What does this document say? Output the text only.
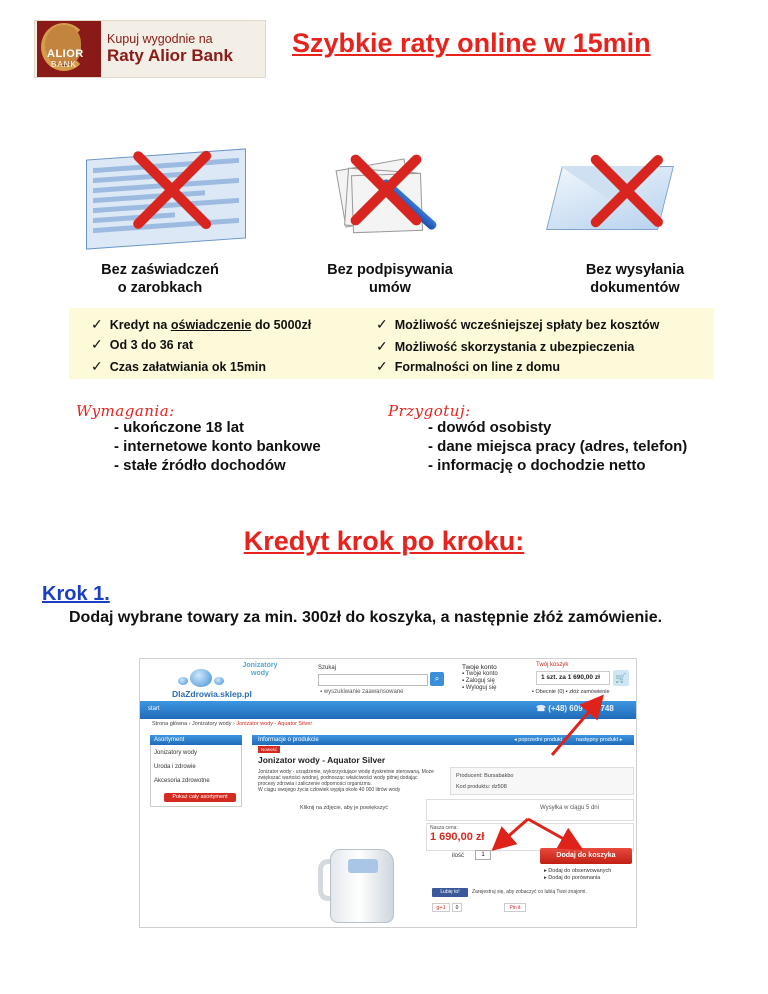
ALIOR
BANK
Kupuj wygodnie na
Raty Alior Bank Szybkie raty online w 15min
Bez zaświadczeń
o zarobkach
Bez podpisywania
umów
Bez wysyłania
dokumentów
✓ Kredyt na oświadczenie do 5000zł
✓ Od 3 do 36 rat
✓ Czas załatwiania ok 15min
✓ Możliwość wcześniejszej spłaty bez kosztów
✓ Możliwość skorzystania z ubezpieczenia
✓ Formalności on line z domu
Wymagania:
- ukończone 18 lat
- internetowe konto bankowe
- stałe źródło dochodów
Przygotuj:
- dowód osobisty
- dane miejsca pracy (adres, telefon)
- informację o dochodzie netto
Kredyt krok po kroku:
Krok 1.
Dodaj wybrane towary za min. 300zł do koszyka, a następnie złóż zamówienie.
DlaZdrowia.sklep.pl
Jonizatory wody
Szukaj
⌕
▪ wyszukiwanie zaawansowane
Twoje konto
▪ Twoje konto
▪ Zaloguj się
▪ Wyloguj się
Twój koszyk
1 szt. za 1 690,00 zł	🛒
▪ Obecnie (0) ▪ złóż zamówienie
start	☎ (+48) 609 502 748
Strona główna › Jonizatory wody › Jonizator wody - Aquator Silver
Asortyment
Jonizatory wody
Uroda i zdrowie
Akcesoria zdrowotne
Pokaż cały asortyment
Informacje o produkcie	◂ poprzedni produkt następny produkt ▸
Nowość
Jonizator wody - Aquator Silver
Jonizator wody - urządzenie, wykorzystujące wodę dyskretnie sterowaną. Może
zwiększać wartości wodnej, podnosząc właściwości wody pitnej dodając
procesy zdrowia i zaliczenie odporności organizmu.
W ciągu swojego życia człowiek wypija około 40 000 litrów wody
Kliknij na zdjęcie, aby je powiększyć
Producent: Bursabakbo
Kod produktu: dz508
Wysyłka w ciągu 5 dni
Nasza cena:
1 690,00 zł
ilość	1	Dodaj do koszyka
▸ Dodaj do obserwowanych
▸ Dodaj do porównania
Lubię to!	Zarejestruj się, aby zobaczyć co lubią Twoi znajomi.
g+1	0	Pin it
